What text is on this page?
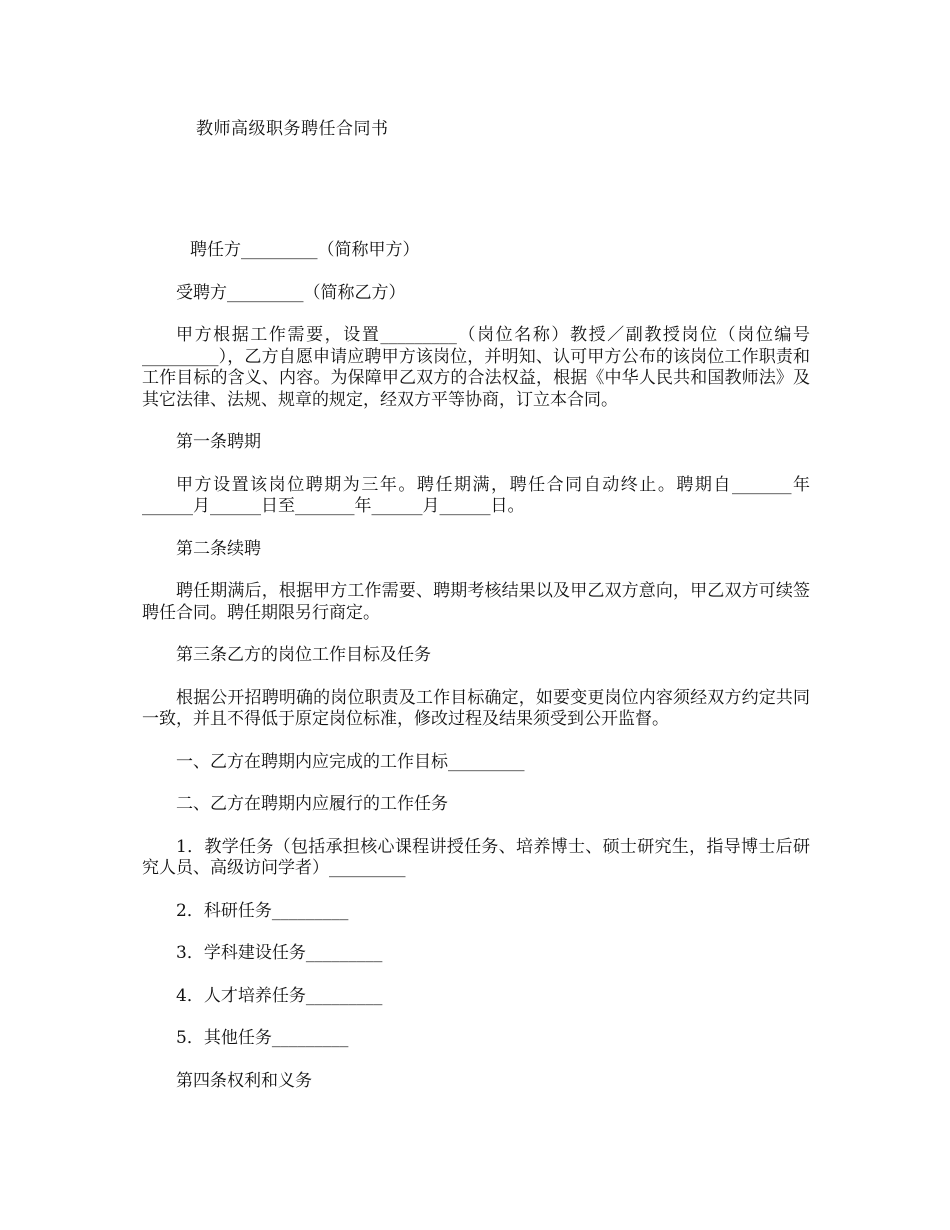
教师高级职务聘任合同书

聘任方_________（简称甲方）

受聘方_________（简称乙方）

甲方根据工作需要，设置_________（岗位名称）教授／副教授岗位（岗位编号_________），乙方自愿申请应聘甲方该岗位，并明知、认可甲方公布的该岗位工作职责和工作目标的含义、内容。为保障甲乙双方的合法权益，根据《中华人民共和国教师法》及其它法律、法规、规章的规定，经双方平等协商，订立本合同。

第一条聘期

甲方设置该岗位聘期为三年。聘任期满，聘任合同自动终止。聘期自_______年______月______日至_______年______月______日。

第二条续聘

聘任期满后，根据甲方工作需要、聘期考核结果以及甲乙双方意向，甲乙双方可续签聘任合同。聘任期限另行商定。

第三条乙方的岗位工作目标及任务

根据公开招聘明确的岗位职责及工作目标确定，如要变更岗位内容须经双方约定共同一致，并且不得低于原定岗位标准，修改过程及结果须受到公开监督。

一、乙方在聘期内应完成的工作目标_________

二、乙方在聘期内应履行的工作任务

1．教学任务（包括承担核心课程讲授任务、培养博士、硕士研究生，指导博士后研究人员、高级访问学者）_________

2．科研任务_________

3．学科建设任务_________

4．人才培养任务_________

5．其他任务_________

第四条权利和义务
